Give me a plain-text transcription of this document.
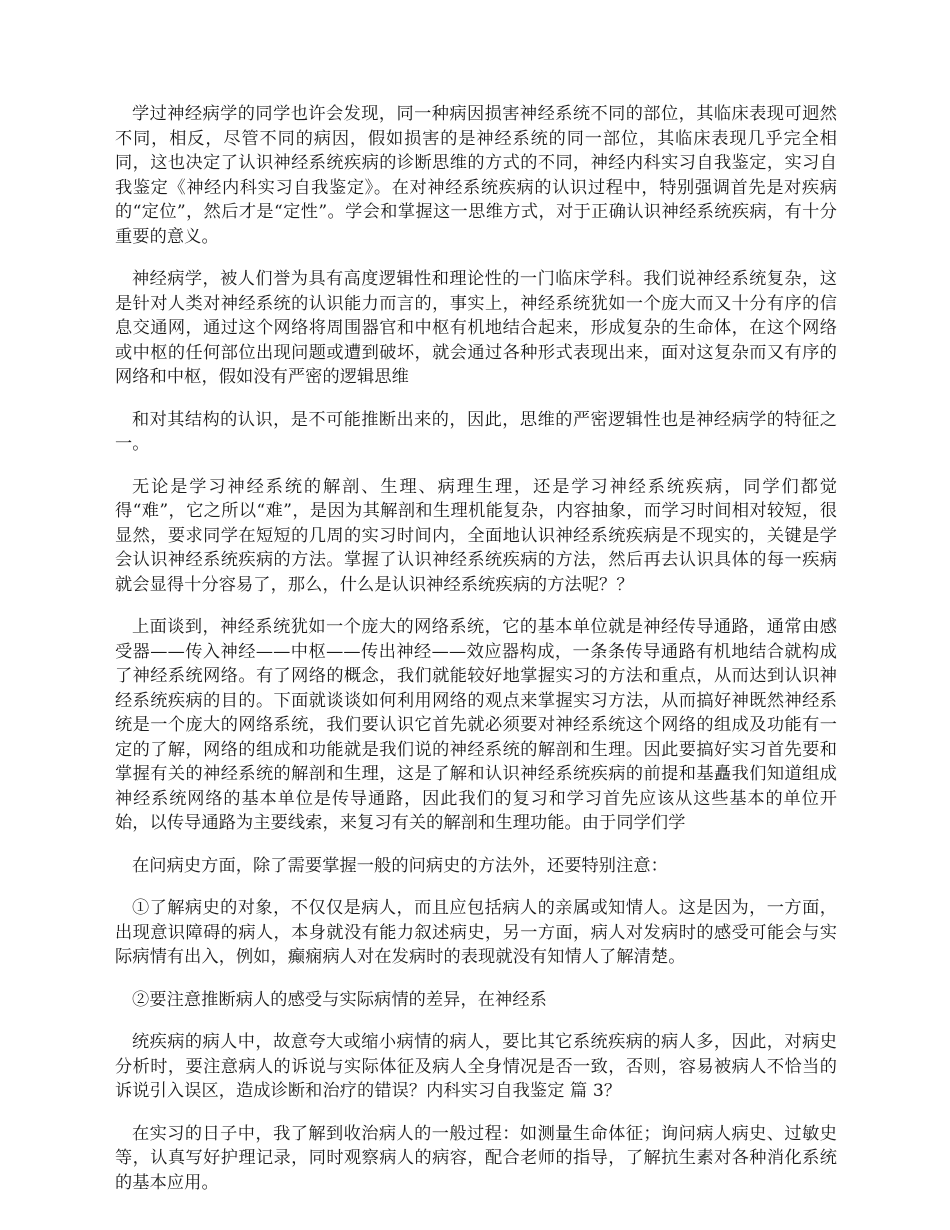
学过神经病学的同学也许会发现，同一种病因损害神经系统不同的部位，其临床表现可迥然不同，相反，尽管不同的病因，假如损害的是神经系统的同一部位，其临床表现几乎完全相同，这也决定了认识神经系统疾病的诊断思维的方式的不同，神经内科实习自我鉴定，实习自我鉴定《神经内科实习自我鉴定》。在对神经系统疾病的认识过程中，特别强调首先是对疾病的“定位”，然后才是“定性”。学会和掌握这一思维方式，对于正确认识神经系统疾病，有十分重要的意义。

神经病学，被人们誉为具有高度逻辑性和理论性的一门临床学科。我们说神经系统复杂，这是针对人类对神经系统的认识能力而言的，事实上，神经系统犹如一个庞大而又十分有序的信息交通网，通过这个网络将周围器官和中枢有机地结合起来，形成复杂的生命体，在这个网络或中枢的任何部位出现问题或遭到破坏，就会通过各种形式表现出来，面对这复杂而又有序的网络和中枢，假如没有严密的逻辑思维

和对其结构的认识，是不可能推断出来的，因此，思维的严密逻辑性也是神经病学的特征之一。

无论是学习神经系统的解剖、生理、病理生理，还是学习神经系统疾病，同学们都觉得“难”，它之所以“难”，是因为其解剖和生理机能复杂，内容抽象，而学习时间相对较短，很显然，要求同学在短短的几周的实习时间内，全面地认识神经系统疾病是不现实的，关键是学会认识神经系统疾病的方法。掌握了认识神经系统疾病的方法，然后再去认识具体的每一疾病就会显得十分容易了，那么，什么是认识神经系统疾病的方法呢？？

上面谈到，神经系统犹如一个庞大的网络系统，它的基本单位就是神经传导通路，通常由感受器——传入神经——中枢——传出神经——效应器构成，一条条传导通路有机地结合就构成了神经系统网络。有了网络的概念，我们就能较好地掌握实习的方法和重点，从而达到认识神经系统疾病的目的。下面就谈谈如何利用网络的观点来掌握实习方法，从而搞好神既然神经系统是一个庞大的网络系统，我们要认识它首先就必须要对神经系统这个网络的组成及功能有一定的了解，网络的组成和功能就是我们说的神经系统的解剖和生理。因此要搞好实习首先要和掌握有关的神经系统的解剖和生理，这是了解和认识神经系统疾病的前提和基矗我们知道组成神经系统网络的基本单位是传导通路，因此我们的复习和学习首先应该从这些基本的单位开始，以传导通路为主要线索，来复习有关的解剖和生理功能。由于同学们学

在问病史方面，除了需要掌握一般的问病史的方法外，还要特别注意：

①了解病史的对象，不仅仅是病人，而且应包括病人的亲属或知情人。这是因为，一方面，出现意识障碍的病人，本身就没有能力叙述病史，另一方面，病人对发病时的感受可能会与实际病情有出入，例如，癫痫病人对在发病时的表现就没有知情人了解清楚。

②要注意推断病人的感受与实际病情的差异，在神经系

统疾病的病人中，故意夸大或缩小病情的病人，要比其它系统疾病的病人多，因此，对病史分析时，要注意病人的诉说与实际体征及病人全身情况是否一致，否则，容易被病人不恰当的诉说引入误区，造成诊断和治疗的错误？内科实习自我鉴定 篇 3？

在实习的日子中，我了解到收治病人的一般过程：如测量生命体征；询问病人病史、过敏史等，认真写好护理记录，同时观察病人的病容，配合老师的指导，了解抗生素对各种消化系统的基本应用。
